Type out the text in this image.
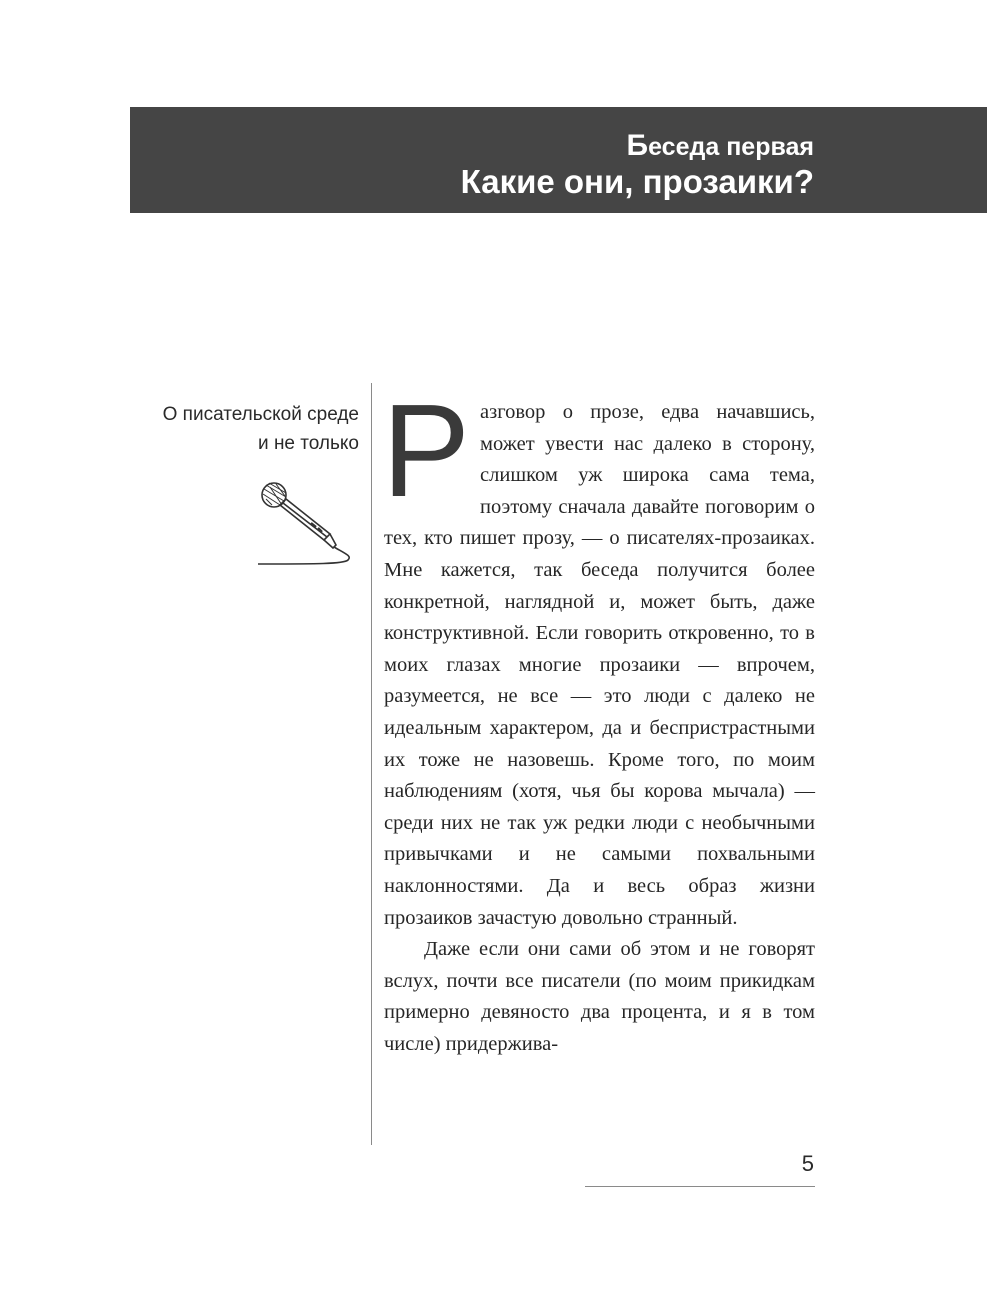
Беседа первая
Какие они, прозаики?
О писательской среде
и не только Разговор о прозе, едва начавшись, может увести нас далеко в сторону, слишком уж широка сама тема, поэтому сначала давайте поговорим о тех, кто пишет прозу, — о писателях-прозаиках. Мне кажется, так беседа получится более конкретной, наглядной и, может быть, даже конструктивной. Если говорить откровенно, то в моих глазах многие прозаики — впрочем, разумеется, не все — это люди с далеко не идеальным характером, да и беспристрастными их тоже не назовешь. Кроме того, по моим наблюдениям (хотя, чья бы корова мычала) — среди них не так уж редки люди с необычными привычками и не самыми похвальными наклонностями. Да и весь образ жизни прозаиков зачастую довольно странный.

Даже если они сами об этом и не говорят вслух, почти все писатели (по моим прикидкам примерно девяносто два процента, и я в том числе) придержива-

5
